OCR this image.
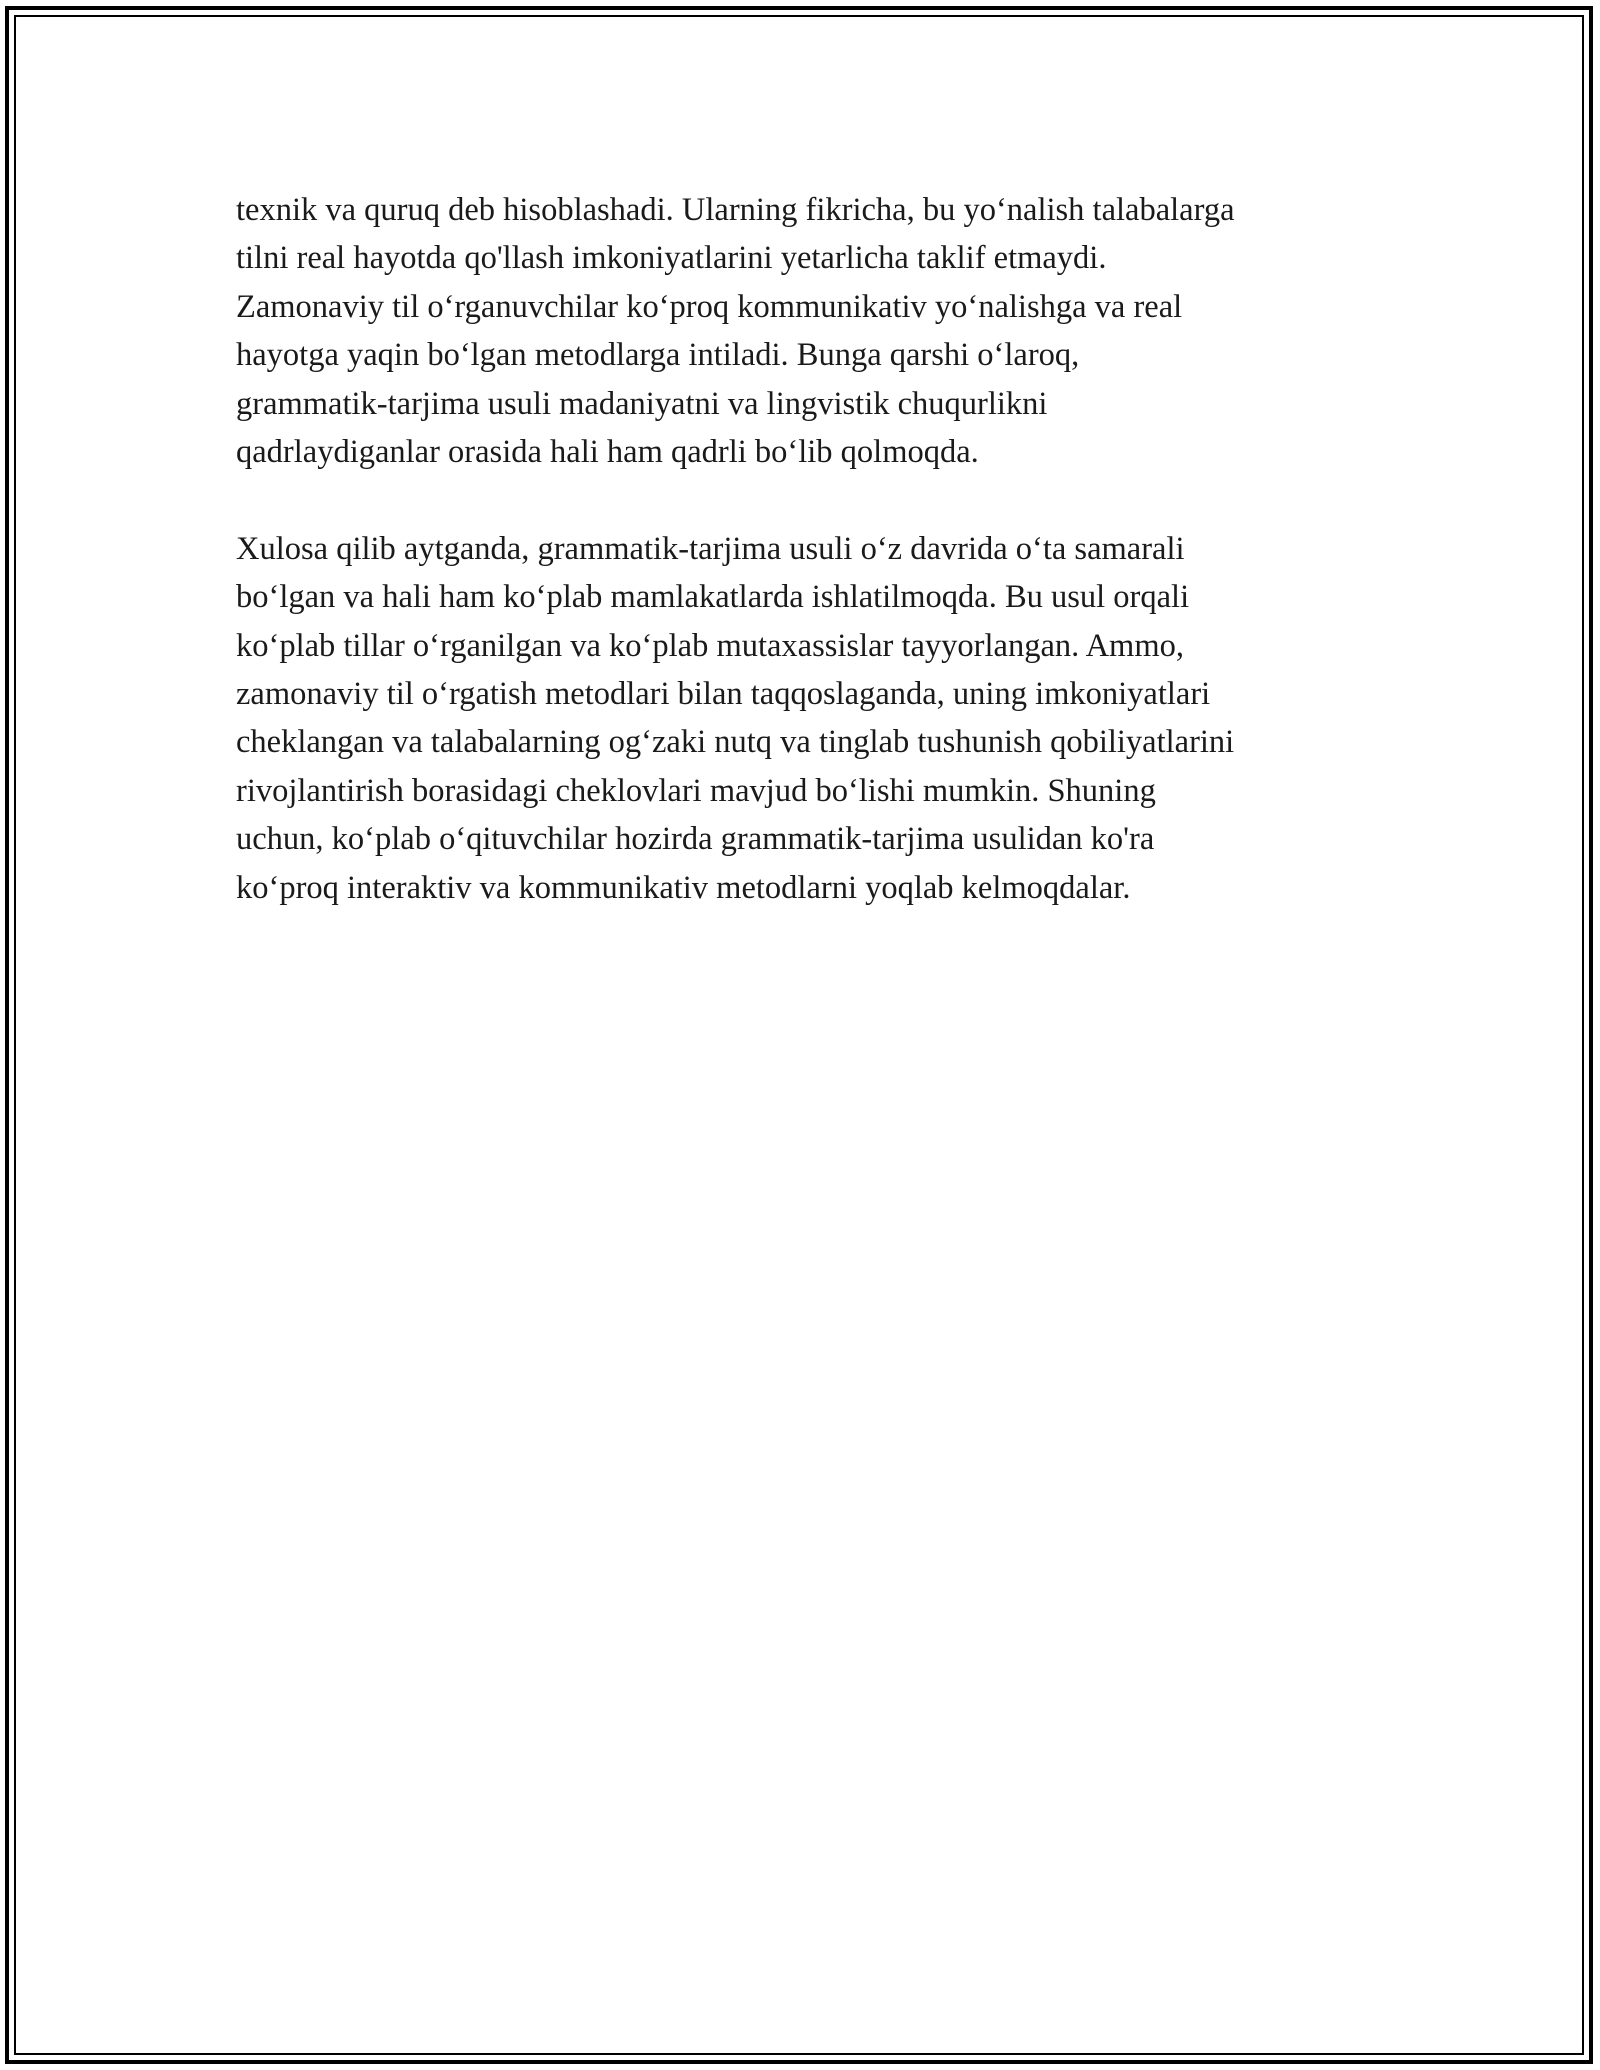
texnik va quruq deb hisoblashadi. Ularning fikricha, bu yo‘nalish talabalarga
tilni real hayotda qo'llash imkoniyatlarini yetarlicha taklif etmaydi.
Zamonaviy til o‘rganuvchilar ko‘proq kommunikativ yo‘nalishga va real
hayotga yaqin bo‘lgan metodlarga intiladi. Bunga qarshi o‘laroq,
grammatik-tarjima usuli madaniyatni va lingvistik chuqurlikni
qadrlaydiganlar orasida hali ham qadrli bo‘lib qolmoqda.

Xulosa qilib aytganda, grammatik-tarjima usuli o‘z davrida o‘ta samarali
bo‘lgan va hali ham ko‘plab mamlakatlarda ishlatilmoqda. Bu usul orqali
ko‘plab tillar o‘rganilgan va ko‘plab mutaxassislar tayyorlangan. Ammo,
zamonaviy til o‘rgatish metodlari bilan taqqoslaganda, uning imkoniyatlari
cheklangan va talabalarning og‘zaki nutq va tinglab tushunish qobiliyatlarini
rivojlantirish borasidagi cheklovlari mavjud bo‘lishi mumkin. Shuning
uchun, ko‘plab o‘qituvchilar hozirda grammatik-tarjima usulidan ko'ra
ko‘proq interaktiv va kommunikativ metodlarni yoqlab kelmoqdalar.
